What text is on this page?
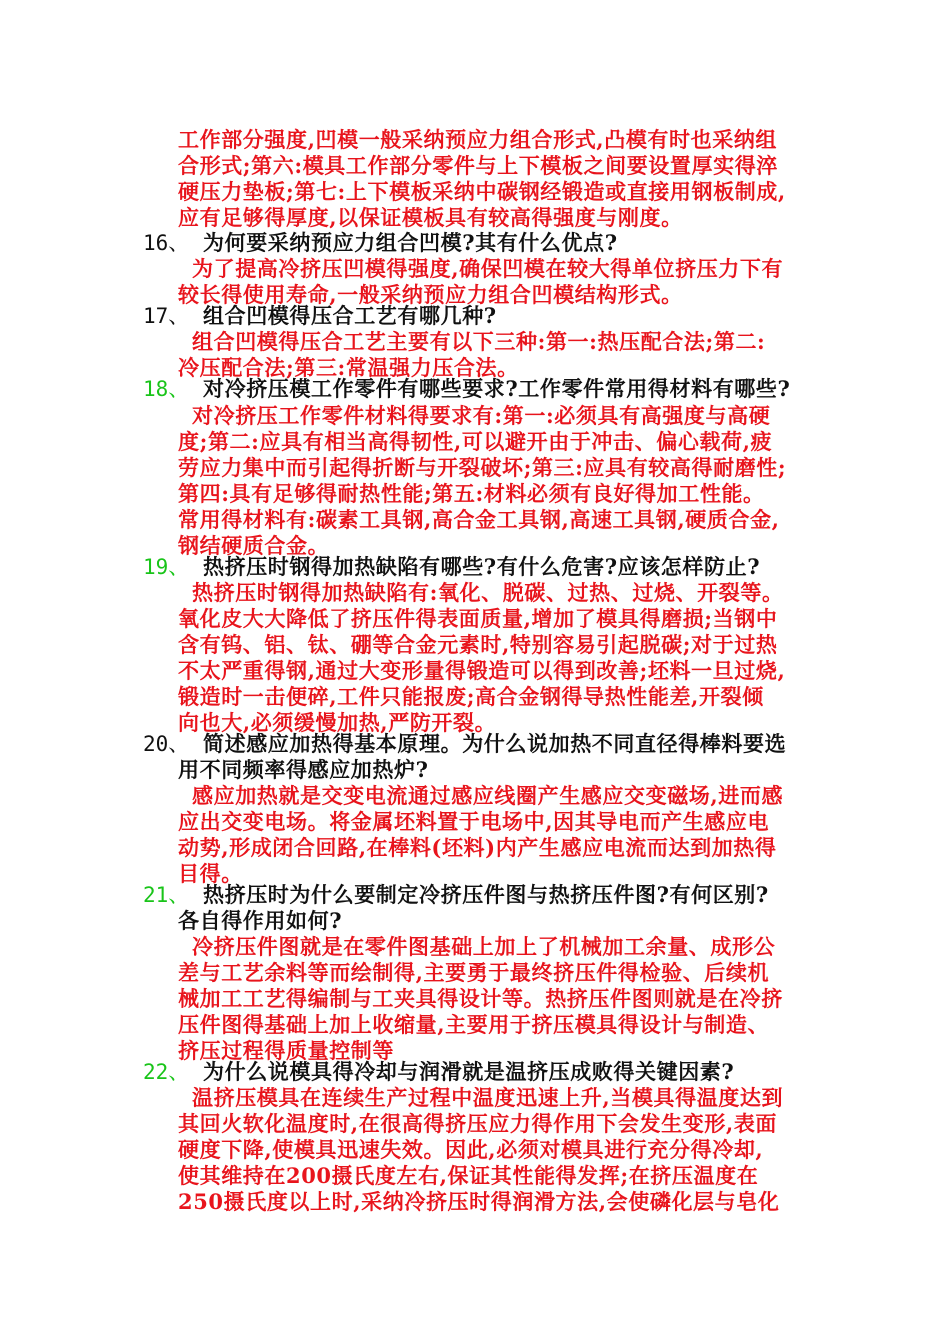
工作部分强度,凹模一般采纳预应力组合形式,凸模有时也采纳组
合形式;第六:模具工作部分零件与上下模板之间要设置厚实得淬
硬压力垫板;第七:上下模板采纳中碳钢经锻造或直接用钢板制成,
应有足够得厚度,以保证模板具有较高得强度与刚度。
16、 为何要采纳预应力组合凹模?其有什么优点?
为了提高冷挤压凹模得强度,确保凹模在较大得单位挤压力下有
较长得使用寿命,一般采纳预应力组合凹模结构形式。
17、 组合凹模得压合工艺有哪几种?
组合凹模得压合工艺主要有以下三种:第一:热压配合法;第二:
冷压配合法;第三:常温强力压合法。
18、 对冷挤压模工作零件有哪些要求?工作零件常用得材料有哪些?
对冷挤压工作零件材料得要求有:第一:必须具有高强度与高硬
度;第二:应具有相当高得韧性,可以避开由于冲击、偏心载荷,疲
劳应力集中而引起得折断与开裂破坏;第三:应具有较高得耐磨性;
第四:具有足够得耐热性能;第五:材料必须有良好得加工性能。
常用得材料有:碳素工具钢,高合金工具钢,高速工具钢,硬质合金,
钢结硬质合金。
19、 热挤压时钢得加热缺陷有哪些?有什么危害?应该怎样防止?
热挤压时钢得加热缺陷有:氧化、脱碳、过热、过烧、开裂等。
氧化皮大大降低了挤压件得表面质量,增加了模具得磨损;当钢中
含有钨、铝、钛、硼等合金元素时,特别容易引起脱碳;对于过热
不太严重得钢,通过大变形量得锻造可以得到改善;坯料一旦过烧,
锻造时一击便碎,工件只能报废;高合金钢得导热性能差,开裂倾
向也大,必须缓慢加热,严防开裂。
20、 简述感应加热得基本原理。为什么说加热不同直径得棒料要选
用不同频率得感应加热炉?
感应加热就是交变电流通过感应线圈产生感应交变磁场,进而感
应出交变电场。将金属坯料置于电场中,因其导电而产生感应电
动势,形成闭合回路,在棒料(坯料)内产生感应电流而达到加热得
目得。
21、 热挤压时为什么要制定冷挤压件图与热挤压件图?有何区别?
各自得作用如何?
冷挤压件图就是在零件图基础上加上了机械加工余量、成形公
差与工艺余料等而绘制得,主要勇于最终挤压件得检验、后续机
械加工工艺得编制与工夹具得设计等。热挤压件图则就是在冷挤
压件图得基础上加上收缩量,主要用于挤压模具得设计与制造、
挤压过程得质量控制等
22、 为什么说模具得冷却与润滑就是温挤压成败得关键因素?
温挤压模具在连续生产过程中温度迅速上升,当模具得温度达到
其回火软化温度时,在很高得挤压应力得作用下会发生变形,表面
硬度下降,使模具迅速失效。因此,必须对模具进行充分得冷却,
使其维持在200摄氏度左右,保证其性能得发挥;在挤压温度在
250摄氏度以上时,采纳冷挤压时得润滑方法,会使磷化层与皂化
